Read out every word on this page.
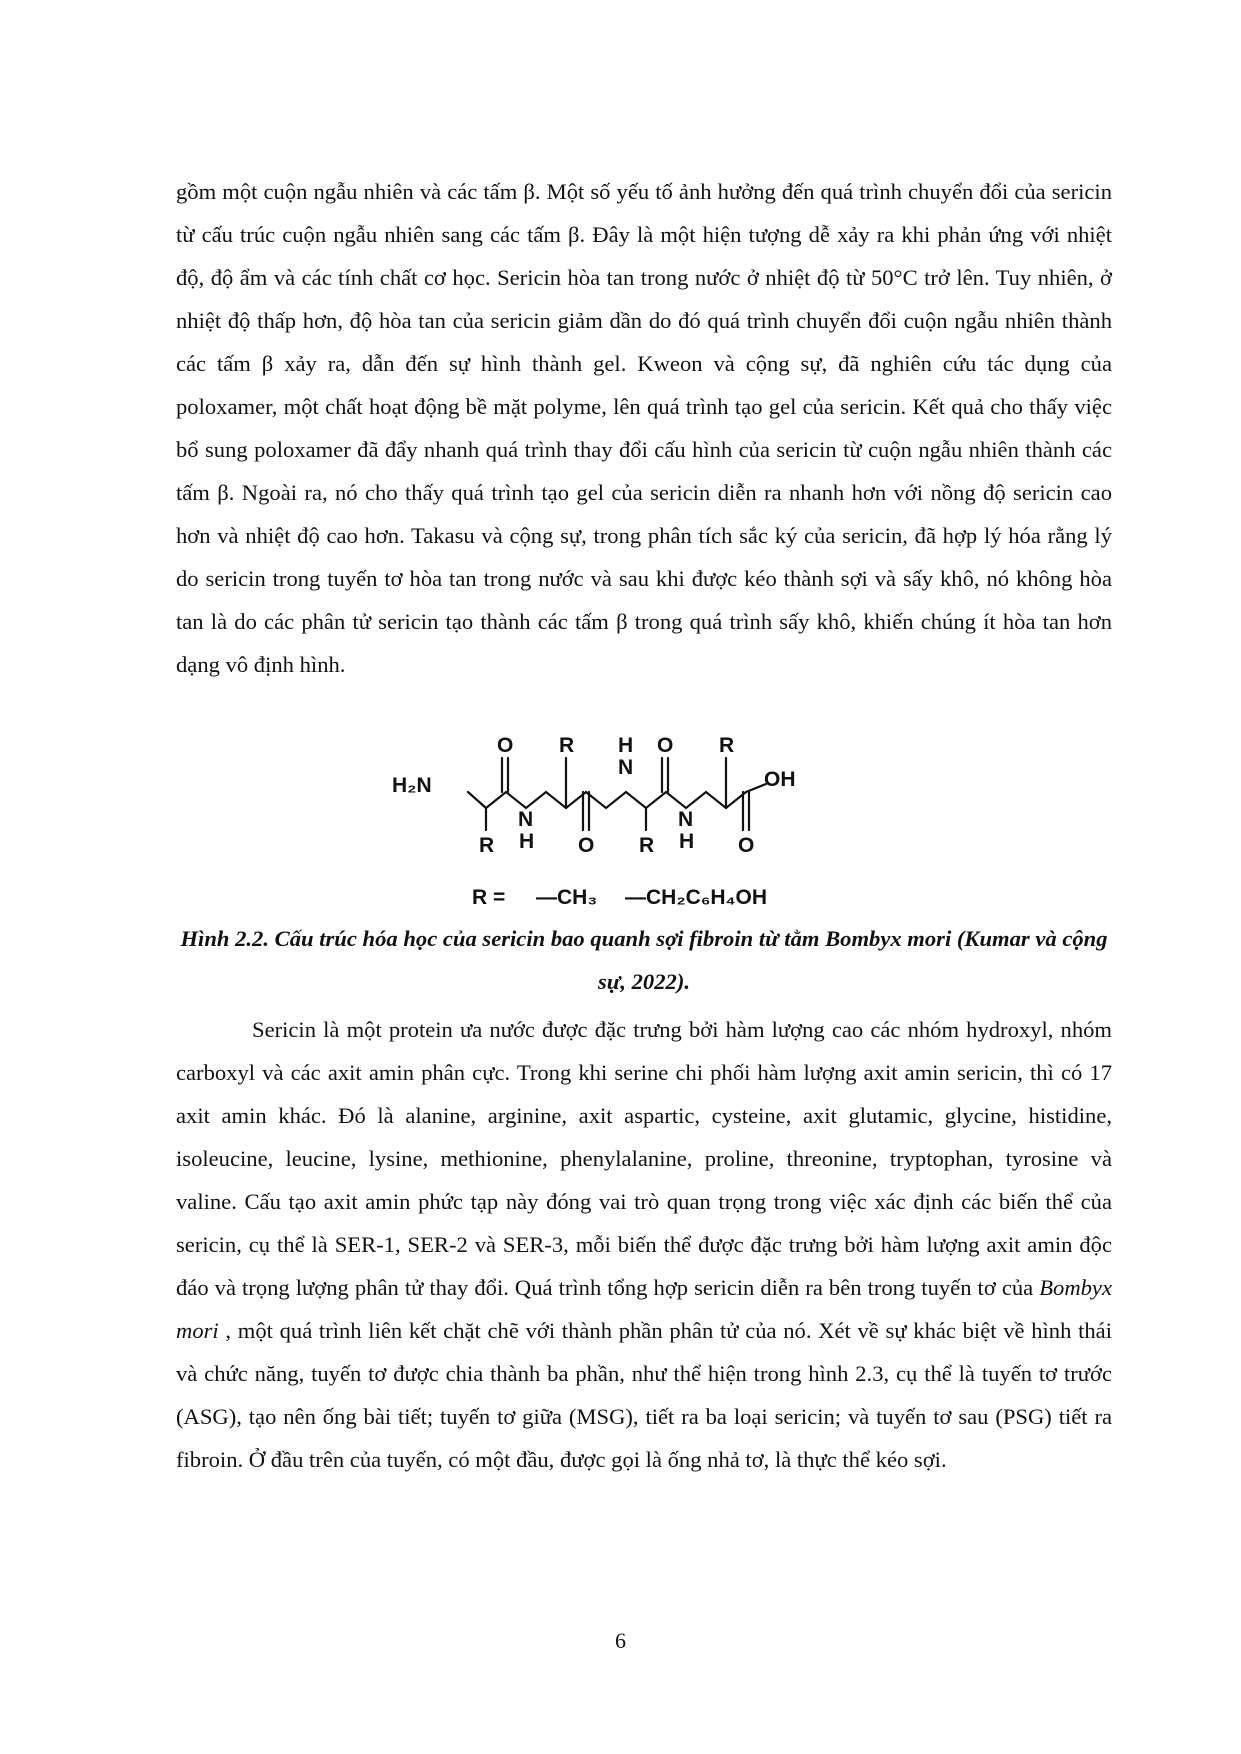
gồm một cuộn ngẫu nhiên và các tấm β. Một số yếu tố ảnh hưởng đến quá trình chuyển đổi của sericin từ cấu trúc cuộn ngẫu nhiên sang các tấm β. Đây là một hiện tượng dễ xảy ra khi phản ứng với nhiệt độ, độ ẩm và các tính chất cơ học. Sericin hòa tan trong nước ở nhiệt độ từ 50°C trở lên. Tuy nhiên, ở nhiệt độ thấp hơn, độ hòa tan của sericin giảm dần do đó quá trình chuyển đổi cuộn ngẫu nhiên thành các tấm β xảy ra, dẫn đến sự hình thành gel. Kweon và cộng sự, đã nghiên cứu tác dụng của poloxamer, một chất hoạt động bề mặt polyme, lên quá trình tạo gel của sericin. Kết quả cho thấy việc bổ sung poloxamer đã đẩy nhanh quá trình thay đổi cấu hình của sericin từ cuộn ngẫu nhiên thành các tấm β. Ngoài ra, nó cho thấy quá trình tạo gel của sericin diễn ra nhanh hơn với nồng độ sericin cao hơn và nhiệt độ cao hơn. Takasu và cộng sự, trong phân tích sắc ký của sericin, đã hợp lý hóa rằng lý do sericin trong tuyến tơ hòa tan trong nước và sau khi được kéo thành sợi và sấy khô, nó không hòa tan là do các phân tử sericin tạo thành các tấm β trong quá trình sấy khô, khiến chúng ít hòa tan hơn dạng vô định hình.

H₂N
O R
N
H O R
N
H
N
H
R	O R	O
OH
R = —CH₃ —CH₂C₆H₄OH

Hình 2.2. Cấu trúc hóa học của sericin bao quanh sợi fibroin từ tằm Bombyx mori (Kumar và cộng sự, 2022).

Sericin là một protein ưa nước được đặc trưng bởi hàm lượng cao các nhóm hydroxyl, nhóm carboxyl và các axit amin phân cực. Trong khi serine chi phối hàm lượng axit amin sericin, thì có 17 axit amin khác. Đó là alanine, arginine, axit aspartic, cysteine, axit glutamic, glycine, histidine, isoleucine, leucine, lysine, methionine, phenylalanine, proline, threonine, tryptophan, tyrosine và valine. Cấu tạo axit amin phức tạp này đóng vai trò quan trọng trong việc xác định các biến thể của sericin, cụ thể là SER-1, SER-2 và SER-3, mỗi biến thể được đặc trưng bởi hàm lượng axit amin độc đáo và trọng lượng phân tử thay đổi. Quá trình tổng hợp sericin diễn ra bên trong tuyến tơ của Bombyx mori , một quá trình liên kết chặt chẽ với thành phần phân tử của nó. Xét về sự khác biệt về hình thái và chức năng, tuyến tơ được chia thành ba phần, như thể hiện trong hình 2.3, cụ thể là tuyến tơ trước (ASG), tạo nên ống bài tiết; tuyến tơ giữa (MSG), tiết ra ba loại sericin; và tuyến tơ sau (PSG) tiết ra fibroin. Ở đầu trên của tuyến, có một đầu, được gọi là ống nhả tơ, là thực thể kéo sợi.

6
